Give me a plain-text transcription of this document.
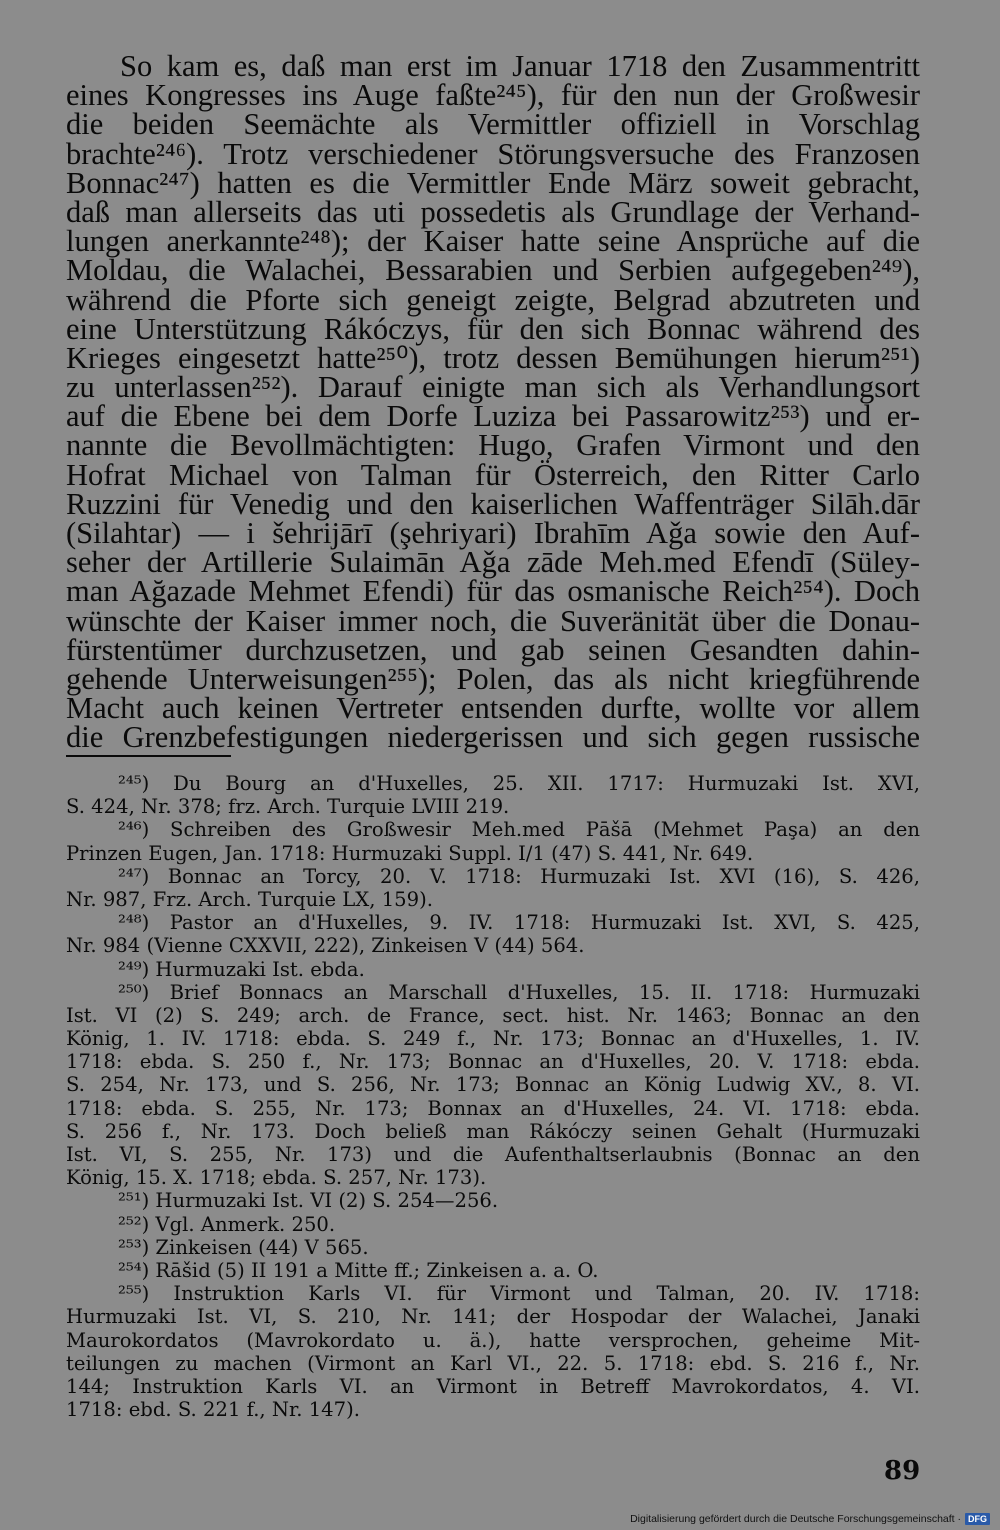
So kam es, daß man erst im Januar 1718 den Zusammentritt
eines Kongresses ins Auge faßte²⁴⁵), für den nun der Großwesir
die beiden Seemächte als Vermittler offiziell in Vorschlag
brachte²⁴⁶). Trotz verschiedener Störungsversuche des Franzosen
Bonnac²⁴⁷) hatten es die Vermittler Ende März soweit gebracht,
daß man allerseits das uti possedetis als Grundlage der Verhand-
lungen anerkannte²⁴⁸); der Kaiser hatte seine Ansprüche auf die
Moldau, die Walachei, Bessarabien und Serbien aufgegeben²⁴⁹),
während die Pforte sich geneigt zeigte, Belgrad abzutreten und
eine Unterstützung Rákóczys, für den sich Bonnac während des
Krieges eingesetzt hatte²⁵⁰), trotz dessen Bemühungen hierum²⁵¹)
zu unterlassen²⁵²). Darauf einigte man sich als Verhandlungsort
auf die Ebene bei dem Dorfe Luziza bei Passarowitz²⁵³) und er-
nannte die Bevollmächtigten: Hugo, Grafen Virmont und den
Hofrat Michael von Talman für Österreich, den Ritter Carlo
Ruzzini für Venedig und den kaiserlichen Waffenträger Silāh.dār
(Silahtar) — i šehrijārī (şehriyari) Ibrahīm Aǧa sowie den Auf-
seher der Artillerie Sulaimān Aǧa zāde Meh.med Efendī (Süley-
man Ağazade Mehmet Efendi) für das osmanische Reich²⁵⁴). Doch
wünschte der Kaiser immer noch, die Suveränität über die Donau-
fürstentümer durchzusetzen, und gab seinen Gesandten dahin-
gehende Unterweisungen²⁵⁵); Polen, das als nicht kriegführende
Macht auch keinen Vertreter entsenden durfte, wollte vor allem
die Grenzbefestigungen niedergerissen und sich gegen russische
²⁴⁵) Du Bourg an d'Huxelles, 25. XII. 1717: Hurmuzaki Ist. XVI,
S. 424, Nr. 378; frz. Arch. Turquie LVIII 219.
²⁴⁶) Schreiben des Großwesir Meh.med Pāšā (Mehmet Paşa) an den
Prinzen Eugen, Jan. 1718: Hurmuzaki Suppl. I/1 (47) S. 441, Nr. 649.
²⁴⁷) Bonnac an Torcy, 20. V. 1718: Hurmuzaki Ist. XVI (16), S. 426,
Nr. 987, Frz. Arch. Turquie LX, 159).
²⁴⁸) Pastor an d'Huxelles, 9. IV. 1718: Hurmuzaki Ist. XVI, S. 425,
Nr. 984 (Vienne CXXVII, 222), Zinkeisen V (44) 564.
²⁴⁹) Hurmuzaki Ist. ebda.
²⁵⁰) Brief Bonnacs an Marschall d'Huxelles, 15. II. 1718: Hurmuzaki
Ist. VI (2) S. 249; arch. de France, sect. hist. Nr. 1463; Bonnac an den
König, 1. IV. 1718: ebda. S. 249 f., Nr. 173; Bonnac an d'Huxelles, 1. IV.
1718: ebda. S. 250 f., Nr. 173; Bonnac an d'Huxelles, 20. V. 1718: ebda.
S. 254, Nr. 173, und S. 256, Nr. 173; Bonnac an König Ludwig XV., 8. VI.
1718: ebda. S. 255, Nr. 173; Bonnax an d'Huxelles, 24. VI. 1718: ebda.
S. 256 f., Nr. 173. Doch beließ man Rákóczy seinen Gehalt (Hurmuzaki
Ist. VI, S. 255, Nr. 173) und die Aufenthaltserlaubnis (Bonnac an den
König, 15. X. 1718; ebda. S. 257, Nr. 173).
²⁵¹) Hurmuzaki Ist. VI (2) S. 254—256.
²⁵²) Vgl. Anmerk. 250.
²⁵³) Zinkeisen (44) V 565.
²⁵⁴) Rāšid (5) II 191 a Mitte ff.; Zinkeisen a. a. O.
²⁵⁵) Instruktion Karls VI. für Virmont und Talman, 20. IV. 1718:
Hurmuzaki Ist. VI, S. 210, Nr. 141; der Hospodar der Walachei, Janaki
Maurokordatos (Mavrokordato u. ä.), hatte versprochen, geheime Mit-
teilungen zu machen (Virmont an Karl VI., 22. 5. 1718: ebd. S. 216 f., Nr.
144; Instruktion Karls VI. an Virmont in Betreff Mavrokordatos, 4. VI.
1718: ebd. S. 221 f., Nr. 147).
89
Digitalisierung gefördert durch die Deutsche Forschungsgemeinschaft · DFG
